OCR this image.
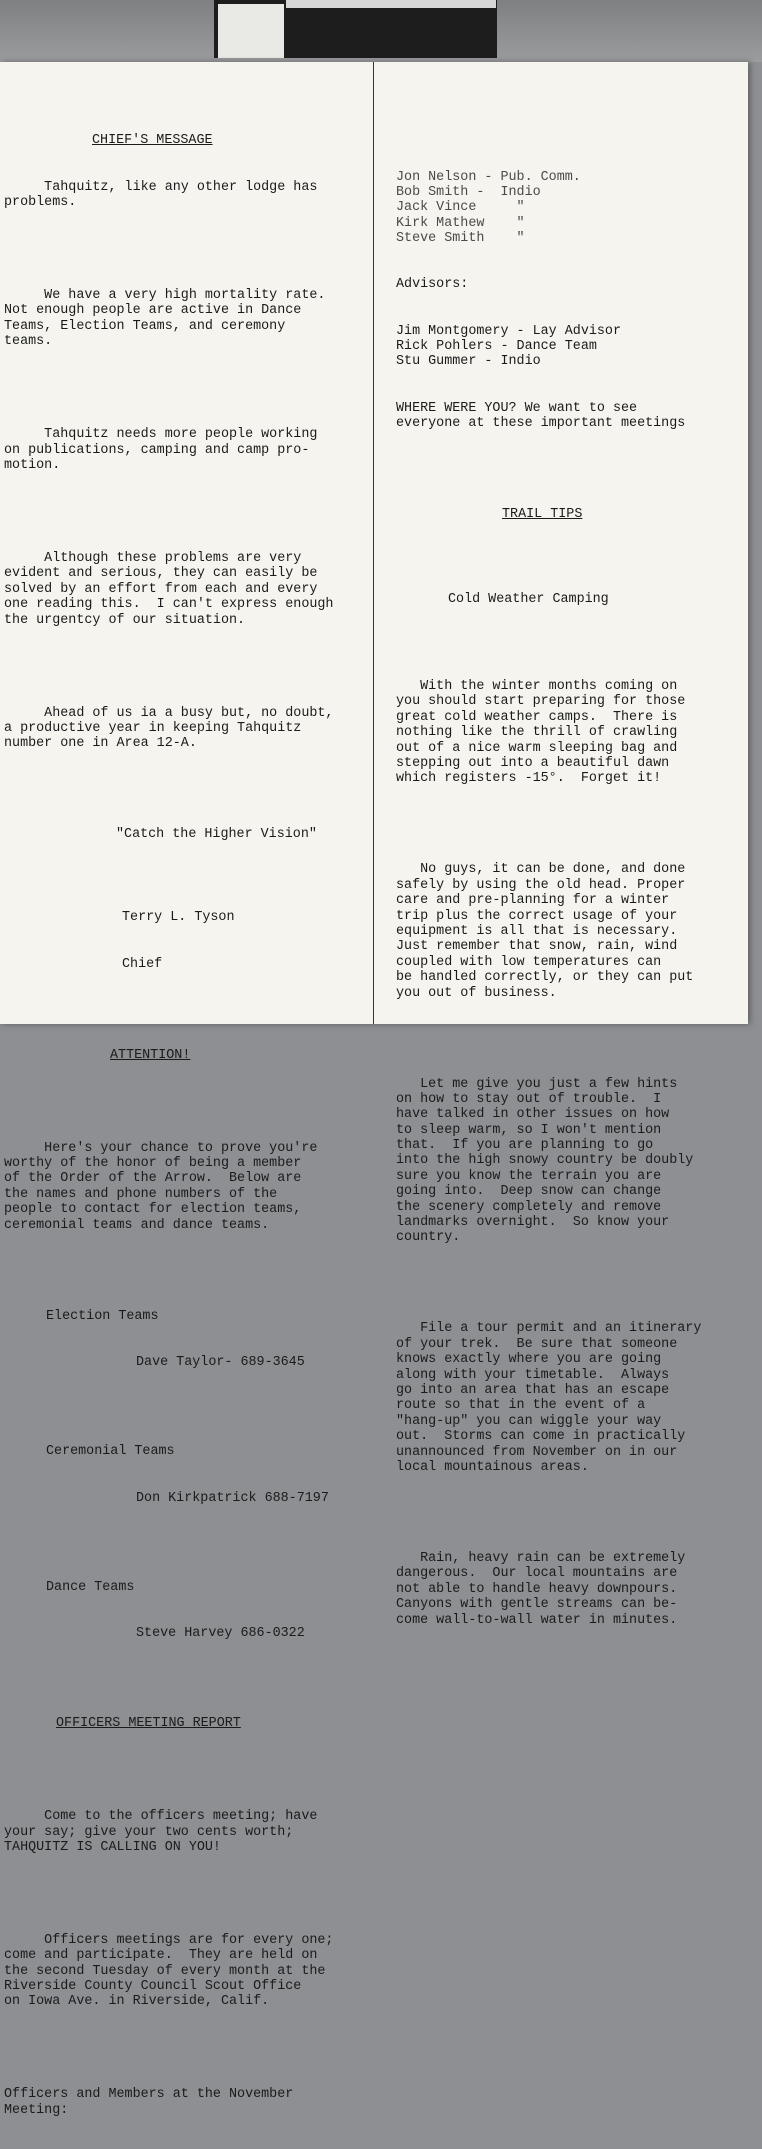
CHIEF'S MESSAGE

Tahquitz, like any other lodge has
problems.

We have a very high mortality rate.
Not enough people are active in Dance
Teams, Election Teams, and ceremony
teams.

Tahquitz needs more people working
on publications, camping and camp pro-
motion.

Although these problems are very
evident and serious, they can easily be
solved by an effort from each and every
one reading this.  I can't express enough
the urgentcy of our situation.

Ahead of us ia a busy but, no doubt,
a productive year in keeping Tahquitz
number one in Area 12-A.

"Catch the Higher Vision"

Terry L. Tyson

Chief

ATTENTION!

Here's your chance to prove you're
worthy of the honor of being a member
of the Order of the Arrow.  Below are
the names and phone numbers of the
people to contact for election teams,
ceremonial teams and dance teams.

Election Teams

Dave Taylor- 689-3645

Ceremonial Teams

Don Kirkpatrick 688-7197

Dance Teams

Steve Harvey 686-0322

OFFICERS MEETING REPORT

Come to the officers meeting; have
your say; give your two cents worth;
TAHQUITZ IS CALLING ON YOU!

Officers meetings are for every one;
come and participate.  They are held on
the second Tuesday of every month at the
Riverside County Council Scout Office
on Iowa Ave. in Riverside, Calif.

Officers and Members at the November
Meeting:

Jon Nelson - Pub. Comm.
Bob Smith -  Indio
Jack Vince     "
Kirk Mathew    "
Steve Smith    "

Advisors:

Jim Montgomery - Lay Advisor
Rick Pohlers - Dance Team
Stu Gummer - Indio

WHERE WERE YOU? We want to see
everyone at these important meetings

TRAIL TIPS

Cold Weather Camping

With the winter months coming on
you should start preparing for those
great cold weather camps.  There is
nothing like the thrill of crawling
out of a nice warm sleeping bag and
stepping out into a beautiful dawn
which registers -15°.  Forget it!

No guys, it can be done, and done
safely by using the old head. Proper
care and pre-planning for a winter
trip plus the correct usage of your
equipment is all that is necessary.
Just remember that snow, rain, wind
coupled with low temperatures can
be handled correctly, or they can put
you out of business.

Let me give you just a few hints
on how to stay out of trouble.  I
have talked in other issues on how
to sleep warm, so I won't mention
that.  If you are planning to go
into the high snowy country be doubly
sure you know the terrain you are
going into.  Deep snow can change
the scenery completely and remove
landmarks overnight.  So know your
country.

File a tour permit and an itinerary
of your trek.  Be sure that someone
knows exactly where you are going
along with your timetable.  Always
go into an area that has an escape
route so that in the event of a
"hang-up" you can wiggle your way
out.  Storms can come in practically
unannounced from November on in our
local mountainous areas.

Rain, heavy rain can be extremely
dangerous.  Our local mountains are
not able to handle heavy downpours.
Canyons with gentle streams can be-
come wall-to-wall water in minutes.
